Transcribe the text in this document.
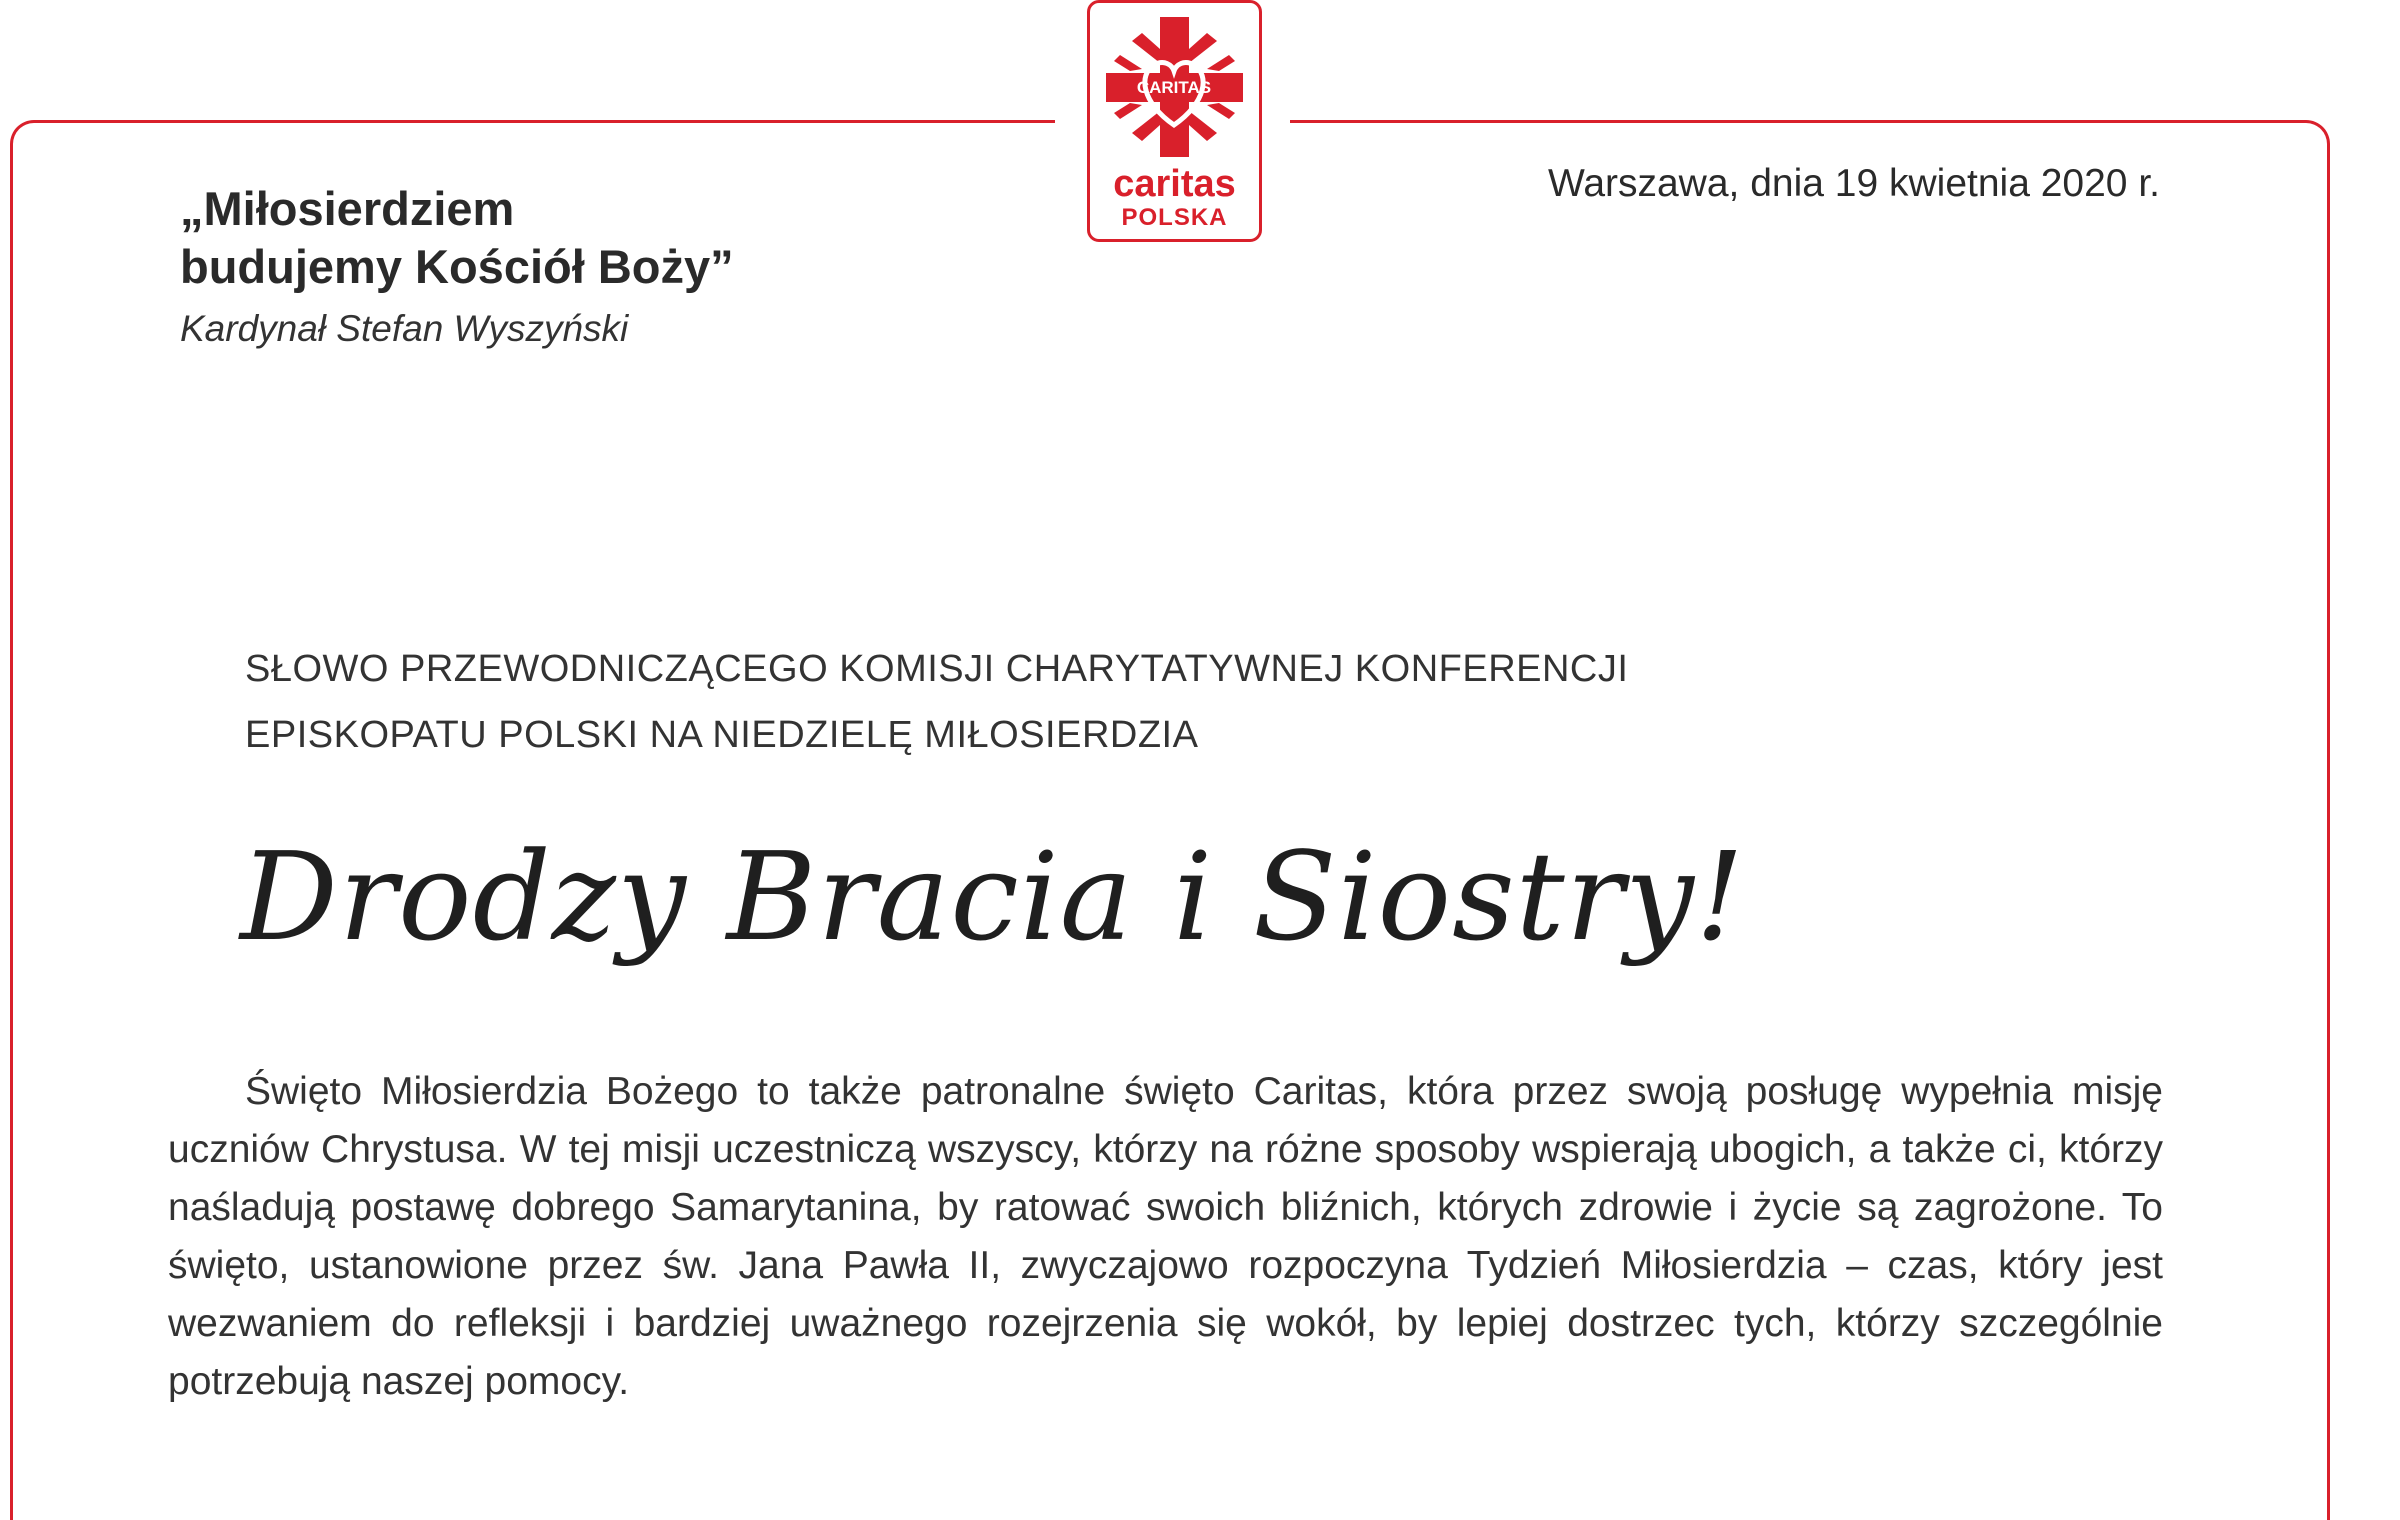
CARITAS
caritas
POLSKA
„Miłosierdziem
budujemy Kościół Boży”
Kardynał Stefan Wyszyński
Warszawa, dnia 19 kwietnia 2020 r.
SŁOWO PRZEWODNICZĄCEGO KOMISJI CHARYTATYWNEJ KONFERENCJI
EPISKOPATU POLSKI NA NIEDZIELĘ MIŁOSIERDZIA
Drodzy Bracia i Siostry!

Święto Miłosierdzia Bożego to także patronalne święto Caritas, która przez swoją posługę wypełnia misję uczniów Chrystusa. W tej misji uczestniczą wszyscy, którzy na różne sposoby wspierają ubogich, a także ci, którzy naśladują postawę dobrego Samarytanina, by ratować swoich bliźnich, których zdrowie i życie są zagrożone. To święto, ustanowione przez św. Jana Pawła II, zwyczajowo rozpoczyna Tydzień Miłosierdzia – czas, który jest wezwaniem do refleksji i bardziej uważnego rozejrzenia się wokół, by lepiej dostrzec tych, którzy szczególnie potrzebują naszej pomocy.
